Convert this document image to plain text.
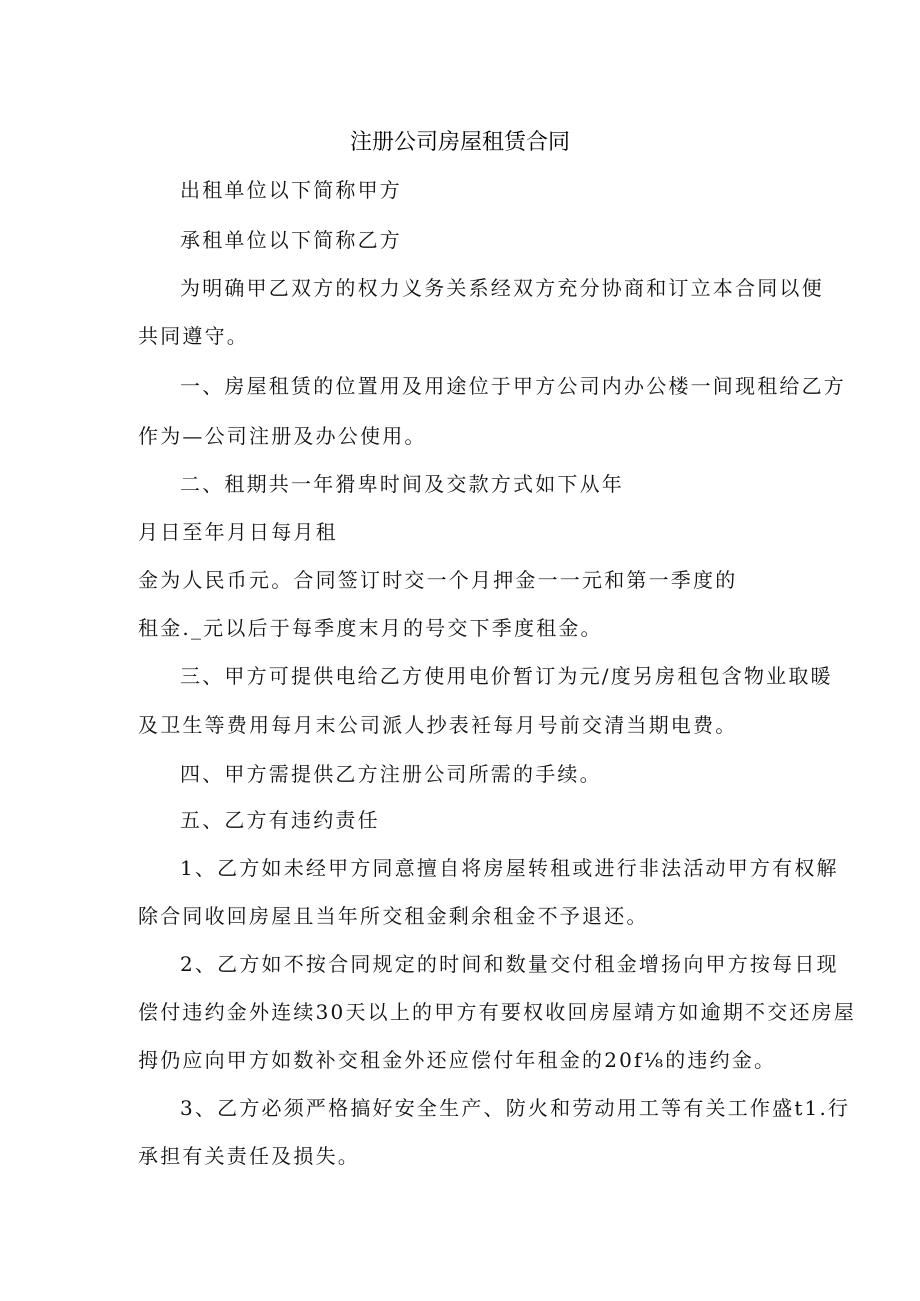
注册公司房屋租赁合同
出租单位以下简称甲方
承租单位以下简称乙方
为明确甲乙双方的权力义务关系经双方充分协商和订立本合同以便
共同遵守。
一、房屋租赁的位置用及用途位于甲方公司内办公楼一间现租给乙方
作为—公司注册及办公使用。
二、租期共一年猾卑时间及交款方式如下从年
月日至年月日每月租
金为人民币元。合同签订时交一个月押金一一元和第一季度的
租金._元以后于每季度末月的号交下季度租金。
三、甲方可提供电给乙方使用电价暂订为元/度另房租包含物业取暖
及卫生等费用每月末公司派人抄表衽每月号前交清当期电费。
四、甲方需提供乙方注册公司所需的手续。
五、乙方有违约责任
1、乙方如未经甲方同意擅自将房屋转租或进行非法活动甲方有权解
除合同收回房屋且当年所交租金剩余租金不予退还。
2、乙方如不按合同规定的时间和数量交付租金增扬向甲方按每日现
偿付违约金外连续30天以上的甲方有要权收回房屋靖方如逾期不交还房屋
拇仍应向甲方如数补交租金外还应偿付年租金的20f⅛的违约金。
3、乙方必须严格搞好安全生产、防火和劳动用工等有关工作盛t1.行
承担有关责任及损失。
